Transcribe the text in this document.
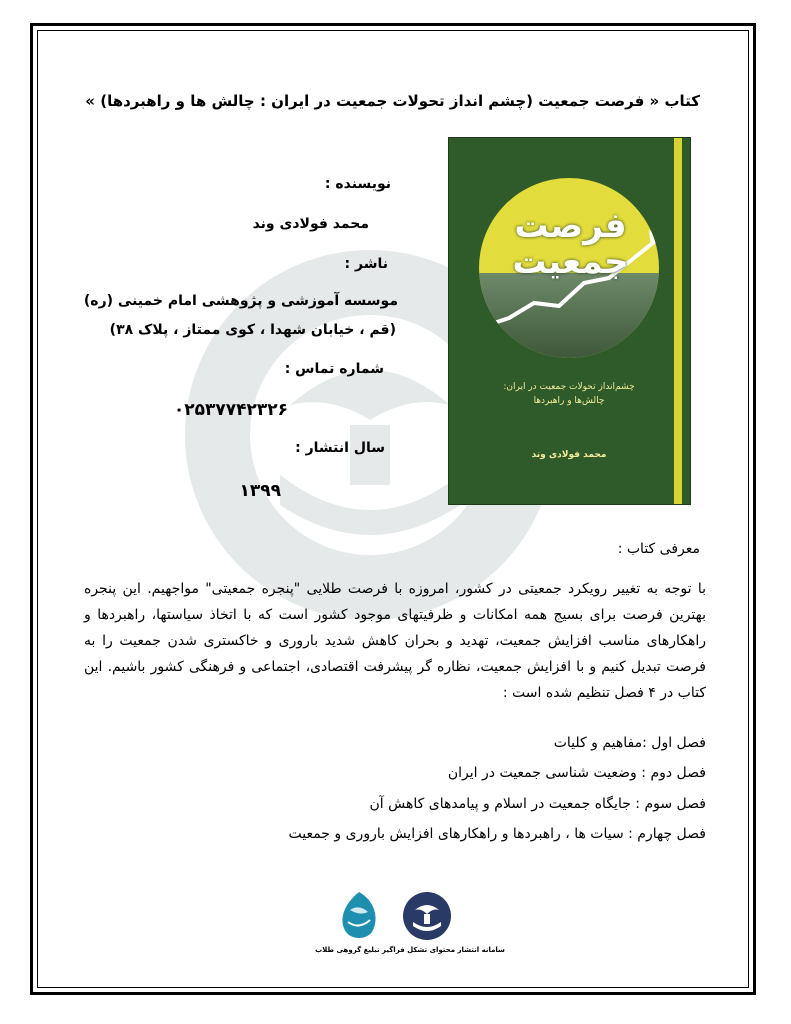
کتاب « فرصت جمعیت (چشم انداز تحولات جمعیت در ایران : چالش ها و راهبردها) »
فرصت
جمعیت
چشم‌انداز تحولات جمعیت در ایران:
چالش‌ها و راهبردها
محمد فولادی وند
نویسنده :
محمد فولادی وند
ناشر :
موسسه آموزشی و پژوهشی امام خمینی (ره)
(قم ، خیابان شهدا ، کوی ممتاز ، پلاک ۳۸)
شماره تماس :
۰۲۵۳۷۷۴۲۳۲۶
سال انتشار :
۱۳۹۹
معرفی کتاب :
با توجه به تغییر رویکرد جمعیتی در کشور، امروزه با فرصت طلایی "پنجره جمعیتی" مواجهیم. این پنجره بهترین فرصت برای بسیج همه امکانات و ظرفیتهای موجود کشور است که با اتخاذ سیاستها، راهبردها و راهکارهای مناسب افزایش جمعیت، تهدید و بحران کاهش شدید باروری و خاکستری شدن جمعیت را به فرصت تبدیل کنیم و با افزایش جمعیت، نظاره گر پیشرفت اقتصادی، اجتماعی و فرهنگی کشور باشیم. این کتاب در ۴ فصل تنظیم شده است :
فصل اول :مفاهیم و کلیات
فصل دوم : وضعیت شناسی جمعیت در ایران
فصل سوم : جایگاه جمعیت در اسلام و پیامدهای کاهش آن
فصل چهارم : سیات ها ، راهبردها و راهکارهای افزایش باروری و جمعیت
سامانه انتشار محتوای تشکل فراگیر تبلیغ گروهی طلاب
